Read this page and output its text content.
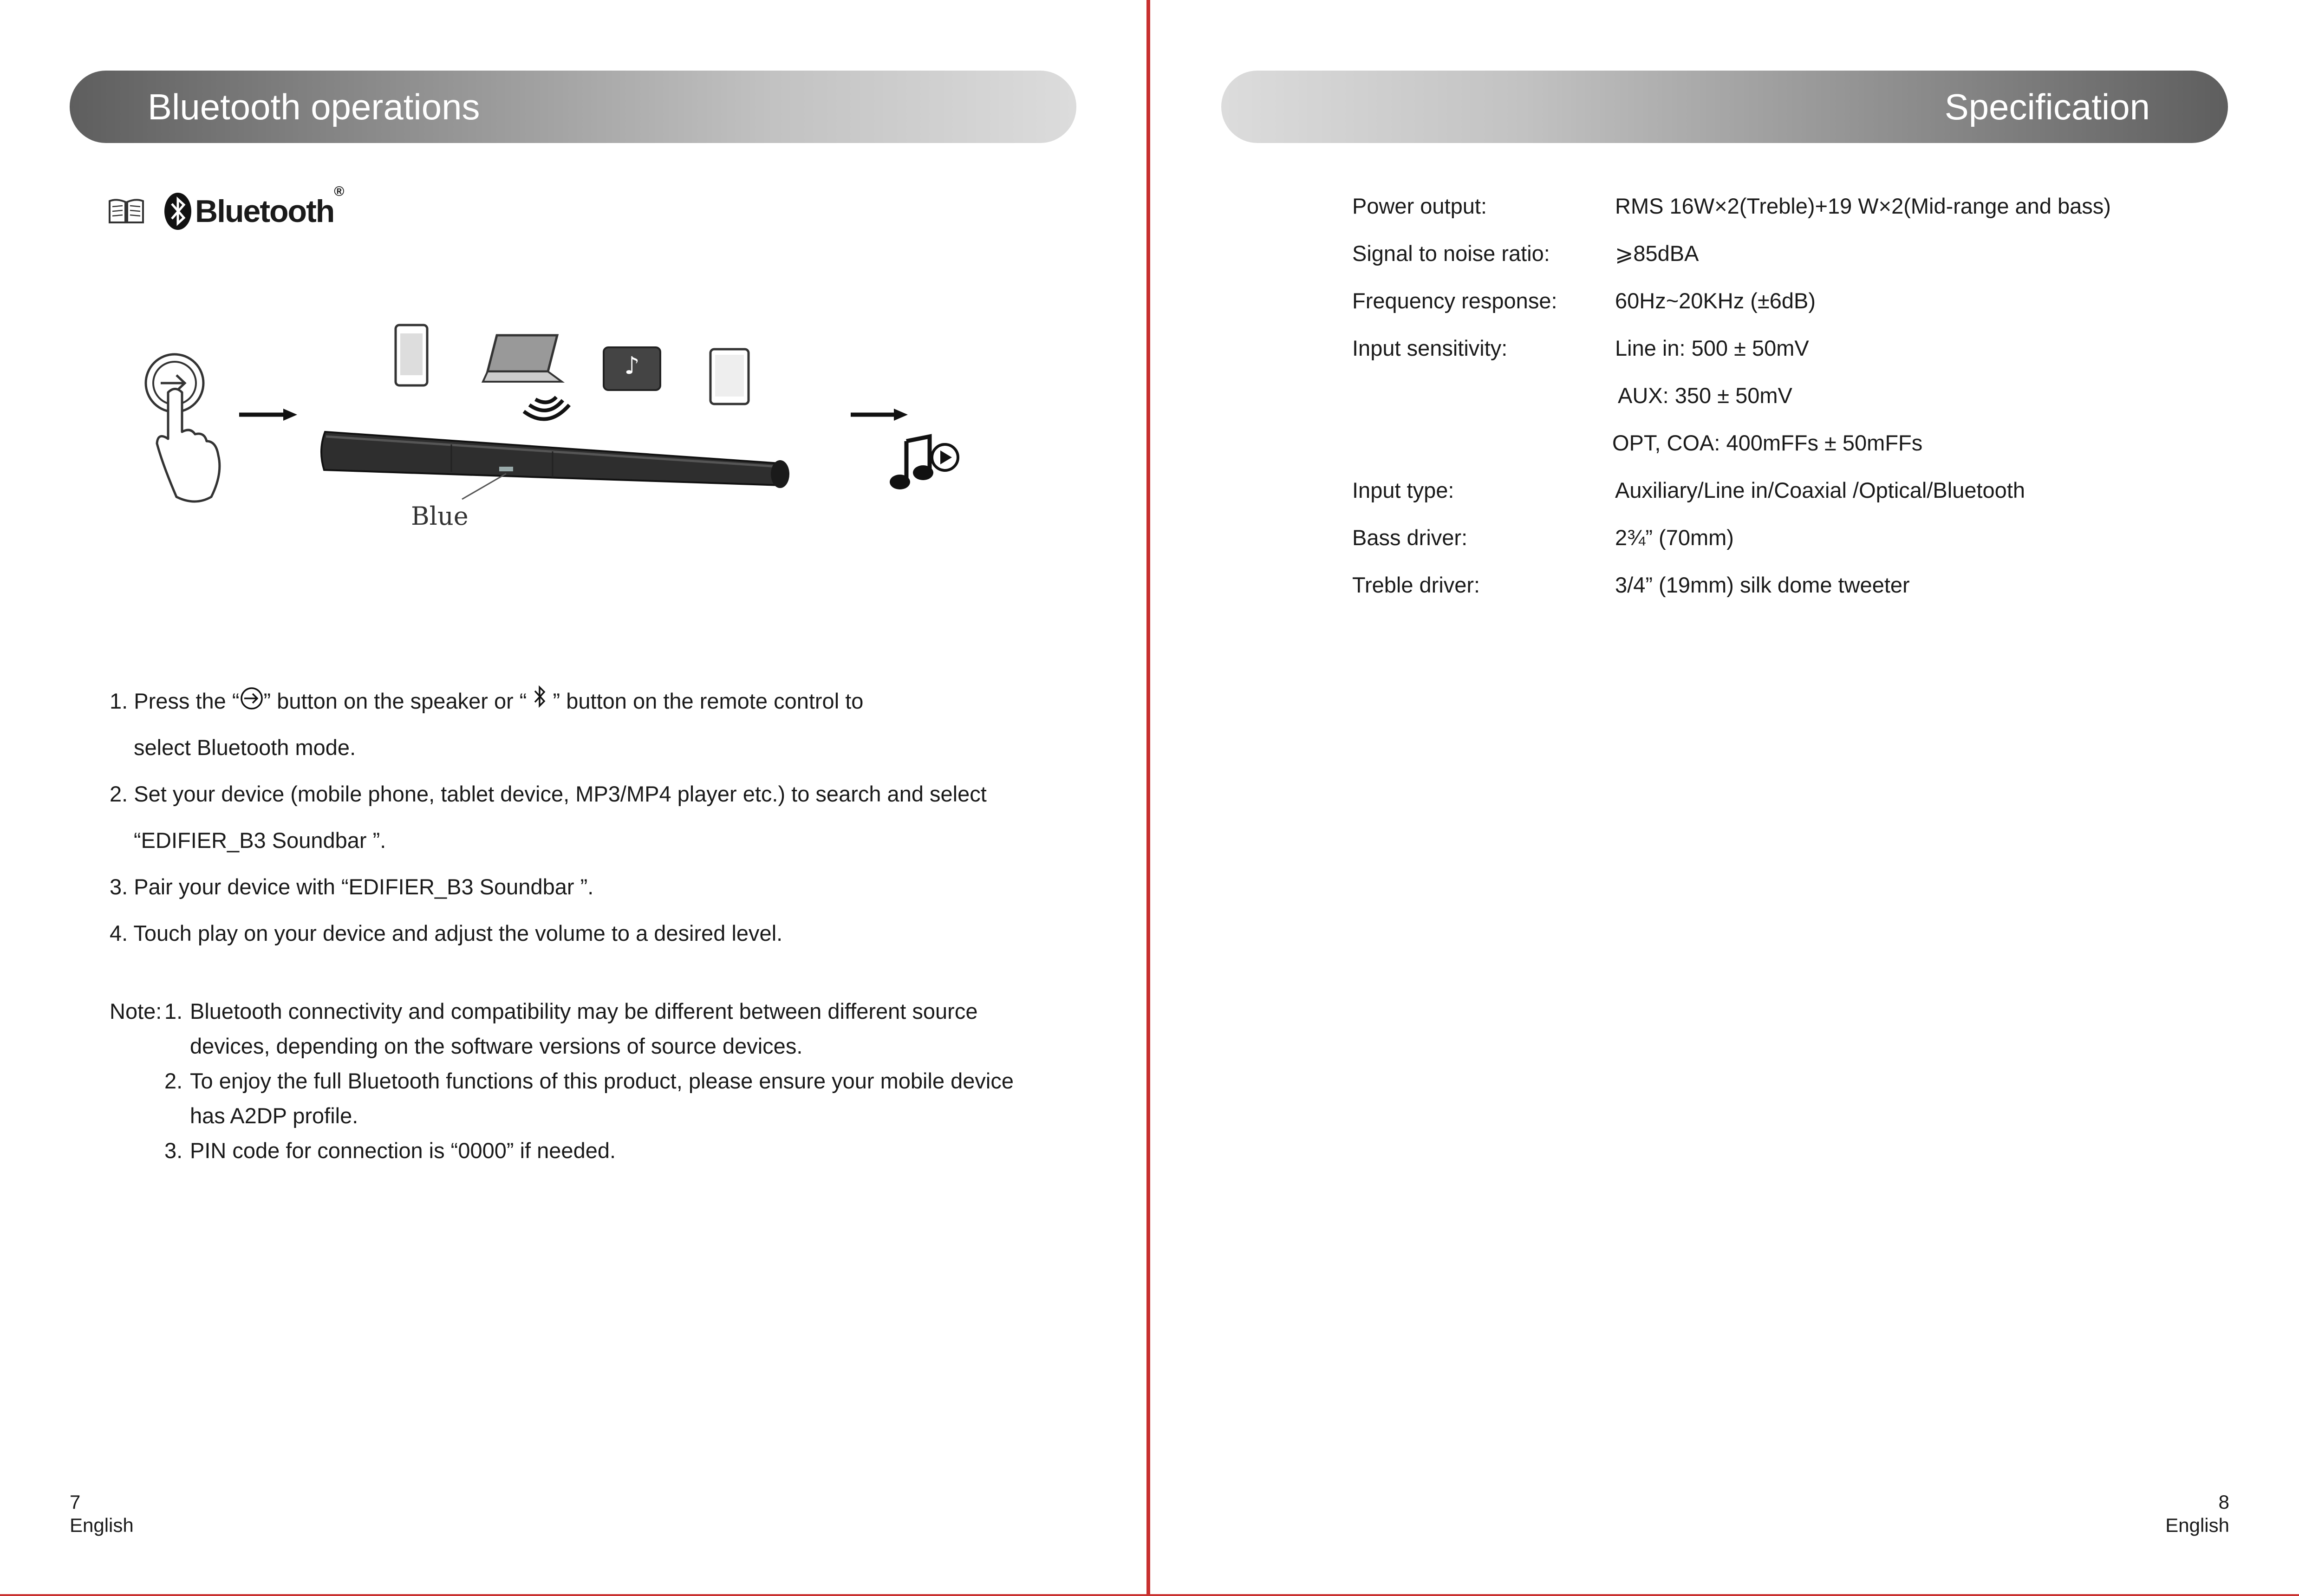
Bluetooth operations
Bluetooth®
♪
Blue
1. Press the “ ” button on the speaker or “  ” button on the remote control to
select Bluetooth mode.
2. Set your device (mobile phone, tablet device, MP3/MP4 player etc.) to search and select
“EDIFIER_B3 Soundbar ”.
3. Pair your device with “EDIFIER_B3 Soundbar ”.
4. Touch play on your device and adjust the volume to a desired level.
Note: 1. Bluetooth connectivity and compatibility may be different between different source
devices, depending on the software versions of source devices.
2. To enjoy the full Bluetooth functions of this product, please ensure your mobile device
has A2DP profile.
3. PIN code for connection is “0000” if needed.
7
English
Specification
Power output:	RMS 16W×2(Treble)+19 W×2(Mid-range and bass)
Signal to noise ratio:	⩾85dBA
Frequency response:	60Hz~20KHz (±6dB)
Input sensitivity:	Line in: 500 ± 50mV
AUX: 350 ± 50mV
OPT, COA: 400mFFs ± 50mFFs
Input type:	Auxiliary/Line in/Coaxial /Optical/Bluetooth
Bass driver:	2¾” (70mm)
Treble driver:	3/4” (19mm) silk dome tweeter
8
English
